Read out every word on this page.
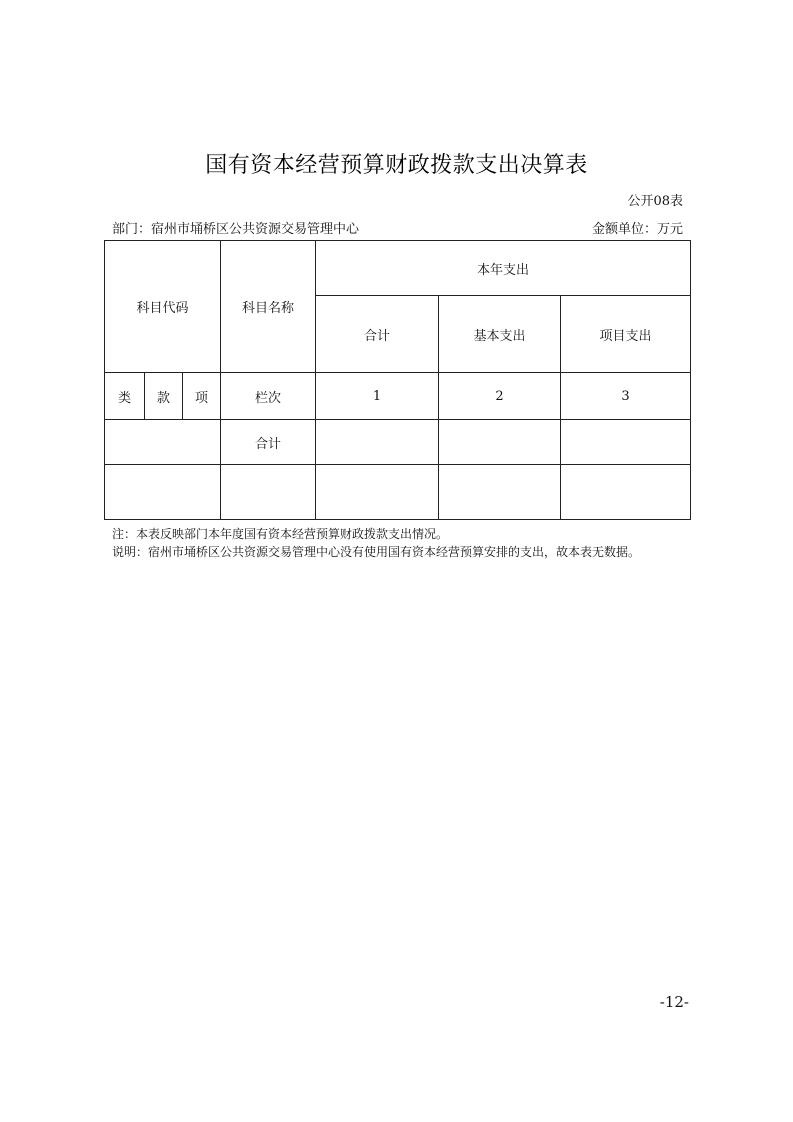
国有资本经营预算财政拨款支出决算表
公开08表
部门：宿州市埇桥区公共资源交易管理中心	金额单位：万元
科目代码			科目名称	本年支出		
				合计	基本支出	项目支出
类	款	项	栏次	1	2	3
			合计			

注：本表反映部门本年度国有资本经营预算财政拨款支出情况。
说明：宿州市埇桥区公共资源交易管理中心没有使用国有资本经营预算安排的支出，故本表无数据。
-12-
